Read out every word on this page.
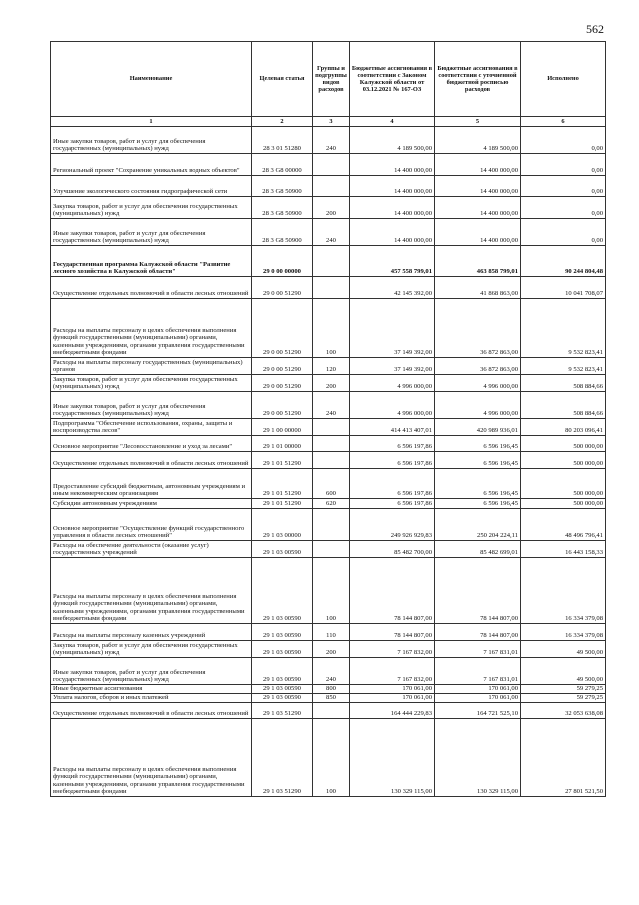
562
Наименование	Целевая статья	Группы и подгруппы видов расходов	Бюджетные ассигнования в соответствии с Законом Калужской области от 03.12.2021 № 167-ОЗ	Бюджетные ассигнования в соответствии с уточненной бюджетной росписью расходов	Исполнено
1	2	3	4	5	6
Иные закупки товаров, работ и услуг для обеспечения государственных (муниципальных) нужд	28 3 01 51280	240	4 189 500,00	4 189 500,00	0,00
Региональный проект "Сохранение уникальных водных объектов"	28 3 G8 00000		14 400 000,00	14 400 000,00	0,00
Улучшение экологического состояния гидрографической сети	28 3 G8 50900		14 400 000,00	14 400 000,00	0,00
Закупка товаров, работ и услуг для обеспечения государственных (муниципальных) нужд	28 3 G8 50900	200	14 400 000,00	14 400 000,00	0,00
Иные закупки товаров, работ и услуг для обеспечения государственных (муниципальных) нужд	28 3 G8 50900	240	14 400 000,00	14 400 000,00	0,00
Государственная программа Калужской области "Развитие лесного хозяйства в Калужской области"	29 0 00 00000		457 558 799,01	463 858 799,01	90 244 804,48
Осуществление отдельных полномочий в области лесных отношений	29 0 00 51290		42 145 392,00	41 868 863,00	10 041 708,07
Расходы на выплаты персоналу в целях обеспечения выполнения функций государственными (муниципальными) органами, казенными учреждениями, органами управления государственными внебюджетными фондами	29 0 00 51290	100	37 149 392,00	36 872 863,00	9 532 823,41
Расходы на выплаты персоналу государственных (муниципальных) органов	29 0 00 51290	120	37 149 392,00	36 872 863,00	9 532 823,41
Закупка товаров, работ и услуг для обеспечения государственных (муниципальных) нужд	29 0 00 51290	200	4 996 000,00	4 996 000,00	508 884,66
Иные закупки товаров, работ и услуг для обеспечения государственных (муниципальных) нужд	29 0 00 51290	240	4 996 000,00	4 996 000,00	508 884,66
Подпрограмма "Обеспечение использования, охраны, защиты и воспроизводства лесов"	29 1 00 00000		414 413 407,01	420 989 936,01	80 203 096,41
Основное мероприятие "Лесовосстановление и уход за лесами"	29 1 01 00000		6 596 197,86	6 596 196,45	500 000,00
Осуществление отдельных полномочий в области лесных отношений	29 1 01 51290		6 596 197,86	6 596 196,45	500 000,00
Предоставление субсидий бюджетным, автономным учреждениям и иным некоммерческим организациям	29 1 01 51290	600	6 596 197,86	6 596 196,45	500 000,00
Субсидии автономным учреждениям	29 1 01 51290	620	6 596 197,86	6 596 196,45	500 000,00
Основное мероприятие "Осуществление функций государственного управления в области лесных отношений"	29 1 03 00000		249 926 929,83	250 204 224,11	48 496 796,41
Расходы на обеспечение деятельности (оказание услуг) государственных учреждений	29 1 03 00590		85 482 700,00	85 482 699,01	16 443 158,33
Расходы на выплаты персоналу в целях обеспечения выполнения функций государственными (муниципальными) органами, казенными учреждениями, органами управления государственными внебюджетными фондами	29 1 03 00590	100	78 144 807,00	78 144 807,00	16 334 379,08
Расходы на выплаты персоналу казенных учреждений	29 1 03 00590	110	78 144 807,00	78 144 807,00	16 334 379,08
Закупка товаров, работ и услуг для обеспечения государственных (муниципальных) нужд	29 1 03 00590	200	7 167 832,00	7 167 831,01	49 500,00
Иные закупки товаров, работ и услуг для обеспечения государственных (муниципальных) нужд	29 1 03 00590	240	7 167 832,00	7 167 831,01	49 500,00
Иные бюджетные ассигнования	29 1 03 00590	800	170 061,00	170 061,00	59 279,25
Уплата налогов, сборов и иных платежей	29 1 03 00590	850	170 061,00	170 061,00	59 279,25
Осуществление отдельных полномочий в области лесных отношений	29 1 03 51290		164 444 229,83	164 721 525,10	32 053 638,08
Расходы на выплаты персоналу в целях обеспечения выполнения функций государственными (муниципальными) органами, казенными учреждениями, органами управления государственными внебюджетными фондами	29 1 03 51290	100	130 329 115,00	130 329 115,00	27 801 521,50
